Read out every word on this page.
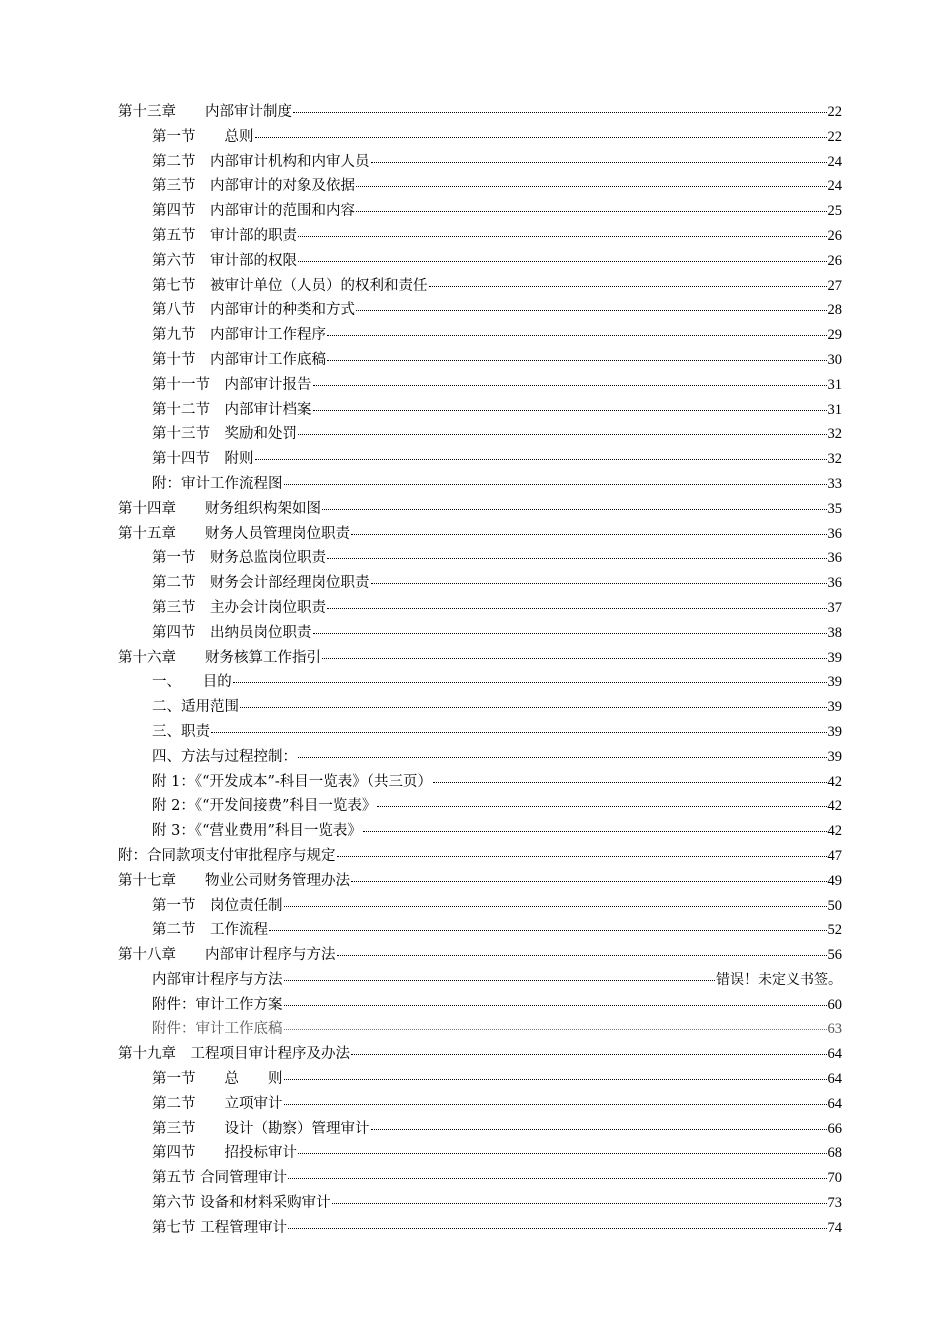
第十三章　　内部审计制度	22
第一节　　总则	22
第二节　内部审计机构和内审人员	24
第三节　内部审计的对象及依据	24
第四节　内部审计的范围和内容	25
第五节　审计部的职责	26
第六节　审计部的权限	26
第七节　被审计单位（人员）的权利和责任	27
第八节　内部审计的种类和方式	28
第九节　内部审计工作程序	29
第十节　内部审计工作底稿	30
第十一节　内部审计报告	31
第十二节　内部审计档案	31
第十三节　奖励和处罚	32
第十四节　附则	32
附：审计工作流程图	33
第十四章　　财务组织构架如图	35
第十五章　　财务人员管理岗位职责	36
第一节　财务总监岗位职责	36
第二节　财务会计部经理岗位职责	36
第三节　主办会计岗位职责	37
第四节　出纳员岗位职责	38
第十六章　　财务核算工作指引	39
一、　　目的	39
二、适用范围	39
三、职责	39
四、方法与过程控制：	39
附 1：《“开发成本”-科目一览表》（共三页）	42
附 2：《“开发间接费”科目一览表》	42
附 3：《“营业费用”科目一览表》	42
附：合同款项支付审批程序与规定	47
第十七章　　物业公司财务管理办法	49
第一节　岗位责任制	50
第二节　工作流程	52
第十八章　　内部审计程序与方法	56
内部审计程序与方法	错误！未定义书签。
附件：审计工作方案	60
附件：审计工作底稿	63
第十九章　工程项目审计程序及办法	64
第一节　　总　　则	64
第二节　　立项审计	64
第三节　　设计（勘察）管理审计	66
第四节　　招投标审计	68
第五节 合同管理审计	70
第六节 设备和材料采购审计	73
第七节 工程管理审计	74
